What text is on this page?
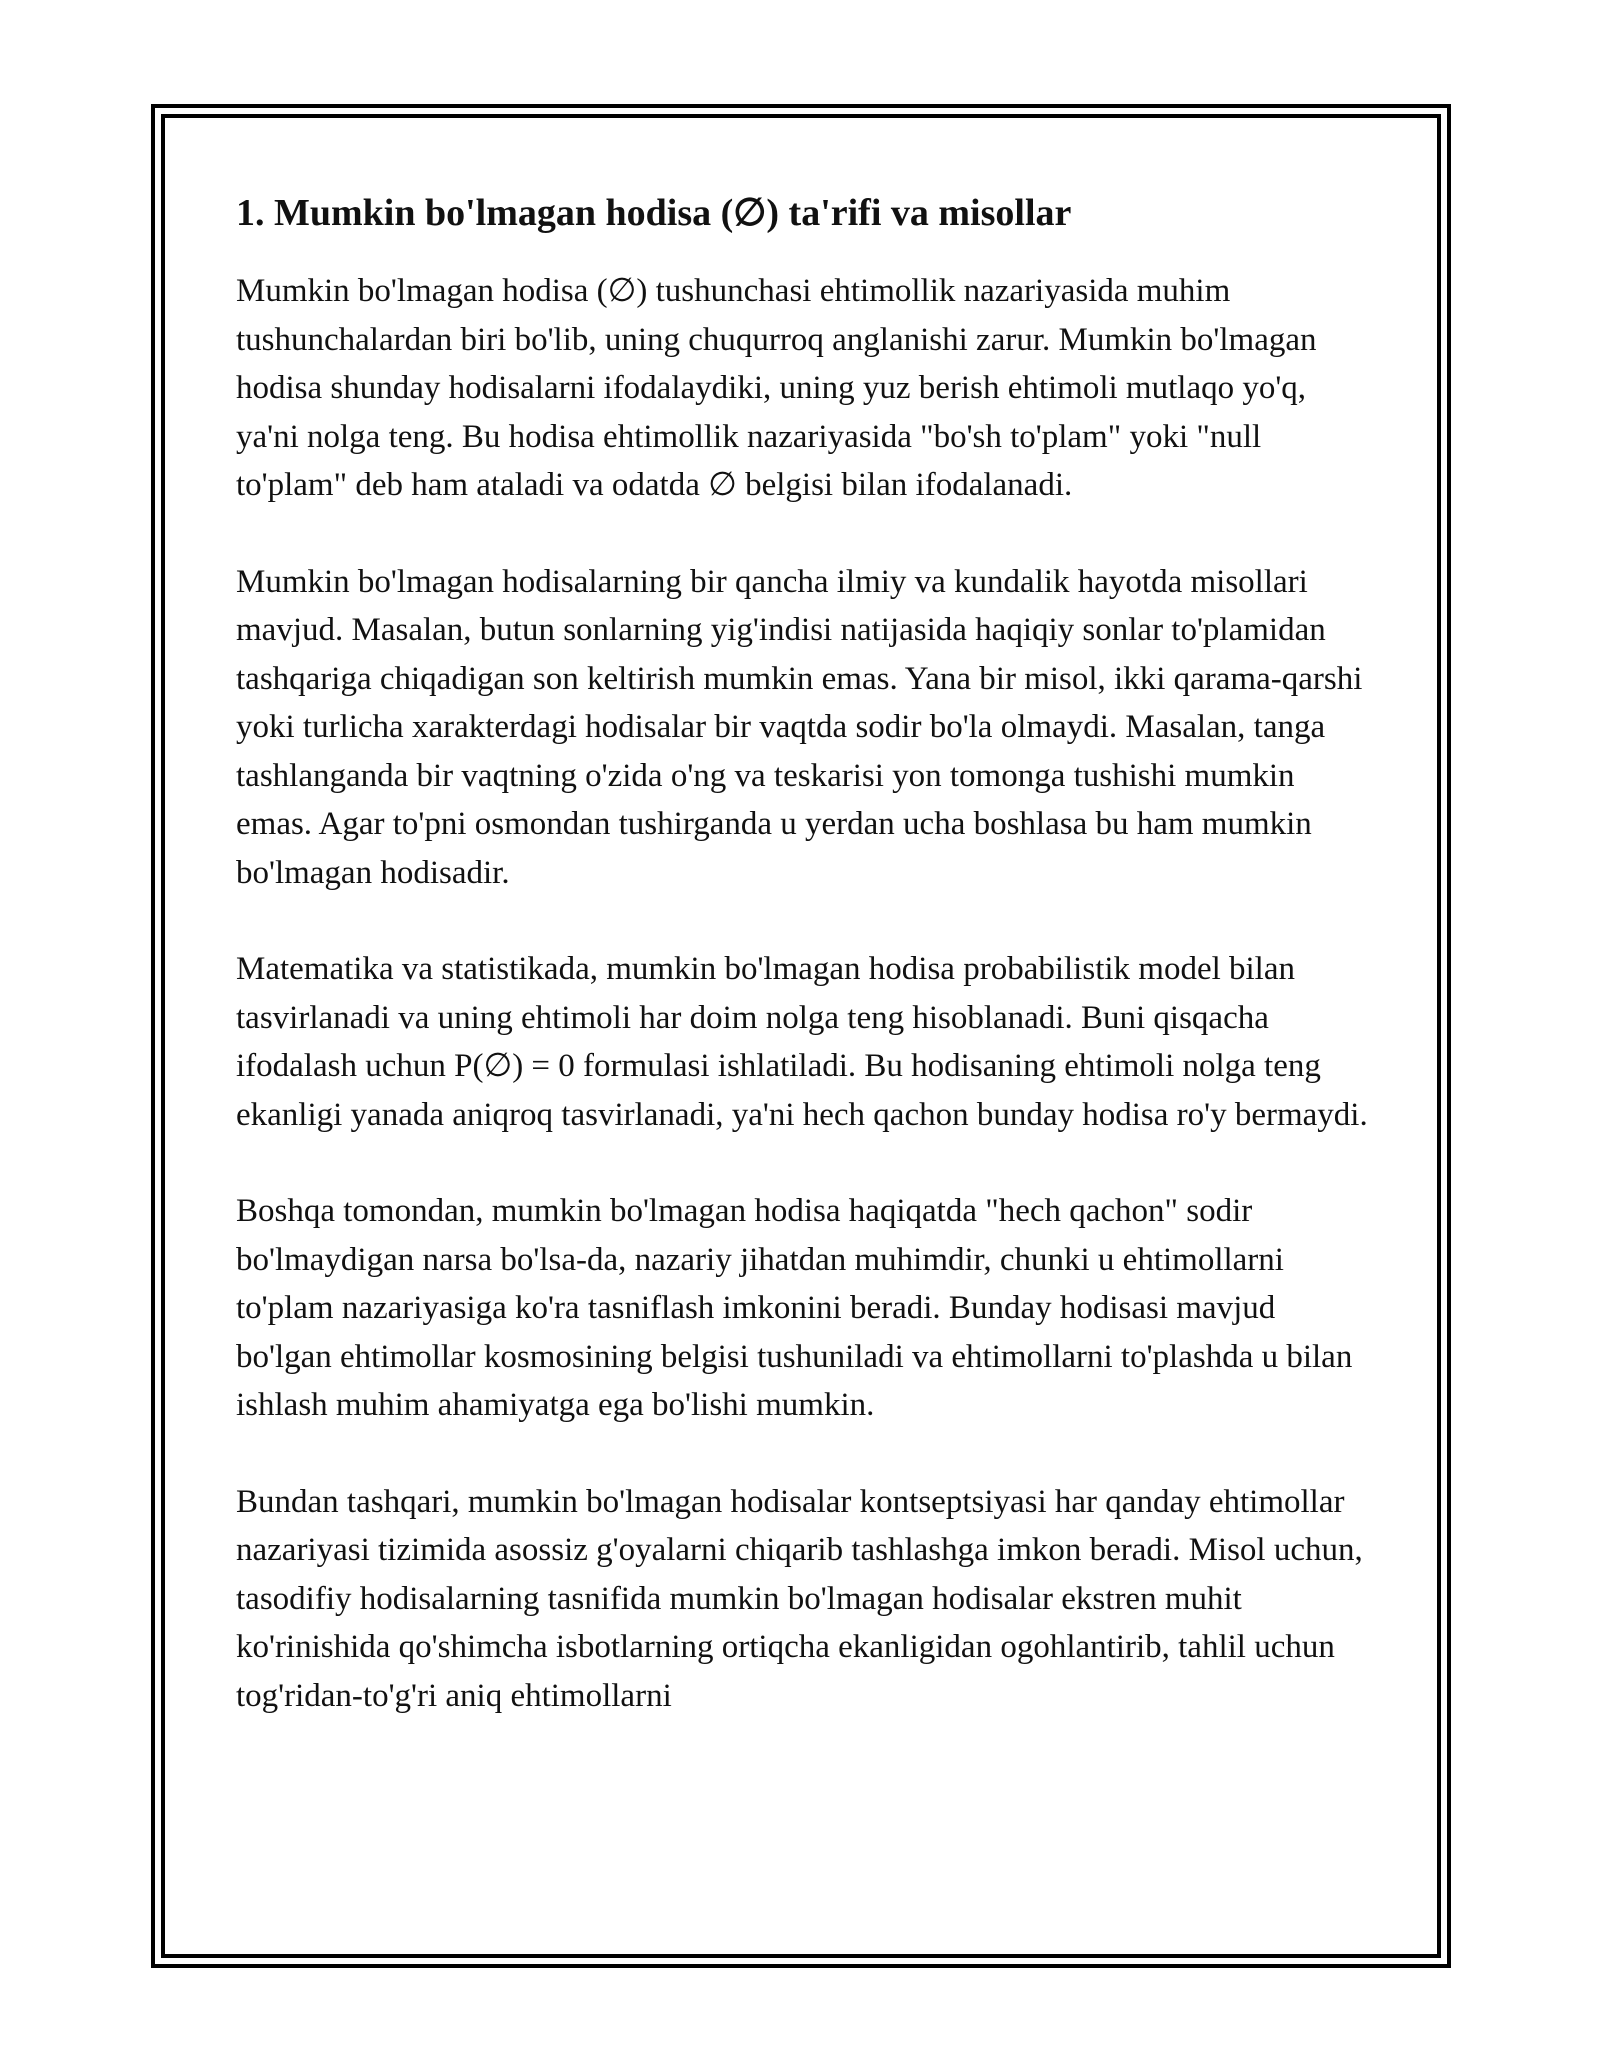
1. Mumkin bo'lmagan hodisa (∅) ta'rifi va misollar

Mumkin bo'lmagan hodisa (∅) tushunchasi ehtimollik nazariyasida muhim tushunchalardan biri bo'lib, uning chuqurroq anglanishi zarur. Mumkin bo'lmagan hodisa shunday hodisalarni ifodalaydiki, uning yuz berish ehtimoli mutlaqo yo'q, ya'ni nolga teng. Bu hodisa ehtimollik nazariyasida "bo'sh to'plam" yoki "null to'plam" deb ham ataladi va odatda ∅ belgisi bilan ifodalanadi.

Mumkin bo'lmagan hodisalarning bir qancha ilmiy va kundalik hayotda misollari mavjud. Masalan, butun sonlarning yig'indisi natijasida haqiqiy sonlar to'plamidan tashqariga chiqadigan son keltirish mumkin emas. Yana bir misol, ikki qarama-qarshi yoki turlicha xarakterdagi hodisalar bir vaqtda sodir bo'la olmaydi. Masalan, tanga tashlanganda bir vaqtning o'zida o'ng va teskarisi yon tomonga tushishi mumkin emas. Agar to'pni osmondan tushirganda u yerdan ucha boshlasa bu ham mumkin bo'lmagan hodisadir.

Matematika va statistikada, mumkin bo'lmagan hodisa probabilistik model bilan tasvirlanadi va uning ehtimoli har doim nolga teng hisoblanadi. Buni qisqacha ifodalash uchun P(∅) = 0 formulasi ishlatiladi. Bu hodisaning ehtimoli nolga teng ekanligi yanada aniqroq tasvirlanadi, ya'ni hech qachon bunday hodisa ro'y bermaydi.

Boshqa tomondan, mumkin bo'lmagan hodisa haqiqatda "hech qachon" sodir bo'lmaydigan narsa bo'lsa-da, nazariy jihatdan muhimdir, chunki u ehtimollarni to'plam nazariyasiga ko'ra tasniflash imkonini beradi. Bunday hodisasi mavjud bo'lgan ehtimollar kosmosining belgisi tushuniladi va ehtimollarni to'plashda u bilan ishlash muhim ahamiyatga ega bo'lishi mumkin.

Bundan tashqari, mumkin bo'lmagan hodisalar kontseptsiyasi har qanday ehtimollar nazariyasi tizimida asossiz g'oyalarni chiqarib tashlashga imkon beradi. Misol uchun, tasodifiy hodisalarning tasnifida mumkin bo'lmagan hodisalar ekstren muhit ko'rinishida qo'shimcha isbotlarning ortiqcha ekanligidan ogohlantirib, tahlil uchun tog'ridan-to'g'ri aniq ehtimollarni
